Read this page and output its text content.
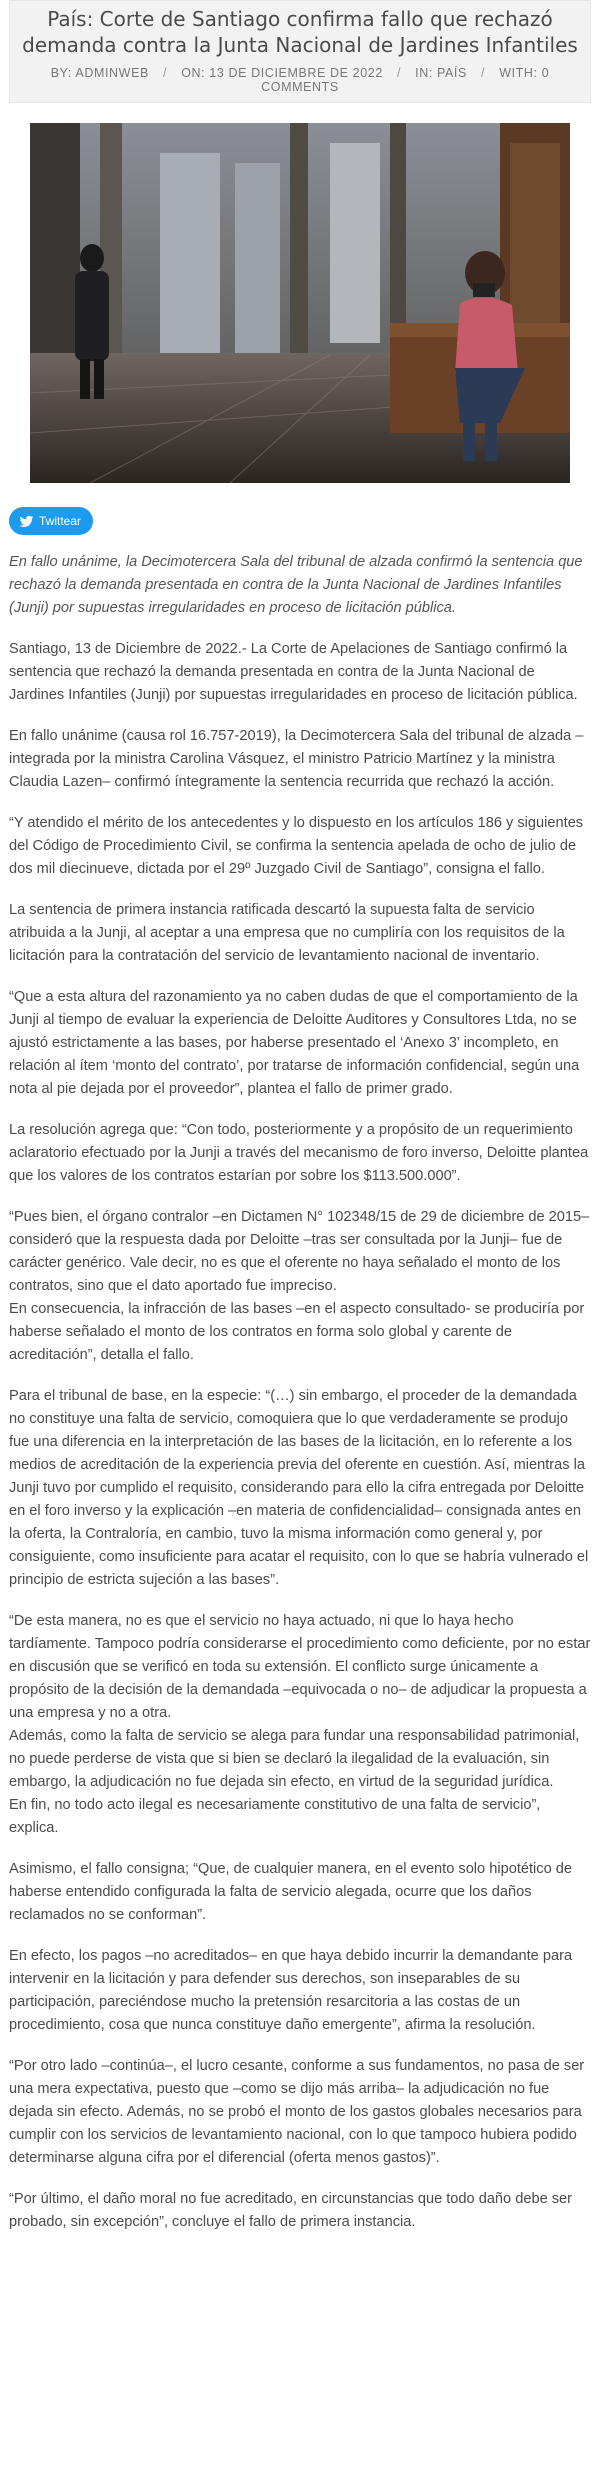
País: Corte de Santiago confirma fallo que rechazó demanda contra la Junta Nacional de Jardines Infantiles
BY: ADMINWEB / ON: 13 DE DICIEMBRE DE 2022 / IN: PAÍS / WITH: 0 COMMENTS
Twittear

En fallo unánime, la Decimotercera Sala del tribunal de alzada confirmó la sentencia que rechazó la demanda presentada en contra de la Junta Nacional de Jardines Infantiles (Junji) por supuestas irregularidades en proceso de licitación pública.

Santiago, 13 de Diciembre de 2022.- La Corte de Apelaciones de Santiago confirmó la sentencia que rechazó la demanda presentada en contra de la Junta Nacional de Jardines Infantiles (Junji) por supuestas irregularidades en proceso de licitación pública.

En fallo unánime (causa rol 16.757-2019), la Decimotercera Sala del tribunal de alzada –integrada por la ministra Carolina Vásquez, el ministro Patricio Martínez y la ministra Claudia Lazen– confirmó íntegramente la sentencia recurrida que rechazó la acción.

“Y atendido el mérito de los antecedentes y lo dispuesto en los artículos 186 y siguientes del Código de Procedimiento Civil, se confirma la sentencia apelada de ocho de julio de dos mil diecinueve, dictada por el 29º Juzgado Civil de Santiago”, consigna el fallo.

La sentencia de primera instancia ratificada descartó la supuesta falta de servicio atribuida a la Junji, al aceptar a una empresa que no cumpliría con los requisitos de la licitación para la contratación del servicio de levantamiento nacional de inventario.

“Que a esta altura del razonamiento ya no caben dudas de que el comportamiento de la Junji al tiempo de evaluar la experiencia de Deloitte Auditores y Consultores Ltda, no se ajustó estrictamente a las bases, por haberse presentado el ‘Anexo 3’ incompleto, en relación al ítem ‘monto del contrato’, por tratarse de información confidencial, según una nota al pie dejada por el proveedor”, plantea el fallo de primer grado.

La resolución agrega que: “Con todo, posteriormente y a propósito de un requerimiento aclaratorio efectuado por la Junji a través del mecanismo de foro inverso, Deloitte plantea que los valores de los contratos estarían por sobre los $113.500.000”.

“Pues bien, el órgano contralor –en Dictamen N° 102348/15 de 29 de diciembre de 2015– consideró que la respuesta dada por Deloitte –tras ser consultada por la Junji– fue de carácter genérico. Vale decir, no es que el oferente no haya señalado el monto de los contratos, sino que el dato aportado fue impreciso.
En consecuencia, la infracción de las bases –en el aspecto consultado- se produciría por haberse señalado el monto de los contratos en forma solo global y carente de acreditación”, detalla el fallo.

Para el tribunal de base, en la especie: “(…) sin embargo, el proceder de la demandada no constituye una falta de servicio, comoquiera que lo que verdaderamente se produjo fue una diferencia en la interpretación de las bases de la licitación, en lo referente a los medios de acreditación de la experiencia previa del oferente en cuestión. Así, mientras la Junji tuvo por cumplido el requisito, considerando para ello la cifra entregada por Deloitte en el foro inverso y la explicación –en materia de confidencialidad– consignada antes en la oferta, la Contraloría, en cambio, tuvo la misma información como general y, por consiguiente, como insuficiente para acatar el requisito, con lo que se habría vulnerado el principio de estricta sujeción a las bases”.

“De esta manera, no es que el servicio no haya actuado, ni que lo haya hecho tardíamente. Tampoco podría considerarse el procedimiento como deficiente, por no estar en discusión que se verificó en toda su extensión. El conflicto surge únicamente a propósito de la decisión de la demandada –equivocada o no– de adjudicar la propuesta a una empresa y no a otra.
Además, como la falta de servicio se alega para fundar una responsabilidad patrimonial, no puede perderse de vista que si bien se declaró la ilegalidad de la evaluación, sin embargo, la adjudicación no fue dejada sin efecto, en virtud de la seguridad jurídica.
En fin, no todo acto ilegal es necesariamente constitutivo de una falta de servicio”, explica.

Asimismo, el fallo consigna; “Que, de cualquier manera, en el evento solo hipotético de haberse entendido configurada la falta de servicio alegada, ocurre que los daños reclamados no se conforman”.

En efecto, los pagos –no acreditados– en que haya debido incurrir la demandante para intervenir en la licitación y para defender sus derechos, son inseparables de su participación, pareciéndose mucho la pretensión resarcitoria a las costas de un procedimiento, cosa que nunca constituye daño emergente”, afirma la resolución.

“Por otro lado –continúa–, el lucro cesante, conforme a sus fundamentos, no pasa de ser una mera expectativa, puesto que –como se dijo más arriba– la adjudicación no fue dejada sin efecto. Además, no se probó el monto de los gastos globales necesarios para cumplir con los servicios de levantamiento nacional, con lo que tampoco hubiera podido determinarse alguna cifra por el diferencial (oferta menos gastos)”.

“Por último, el daño moral no fue acreditado, en circunstancias que todo daño debe ser probado, sin excepción”, concluye el fallo de primera instancia.
